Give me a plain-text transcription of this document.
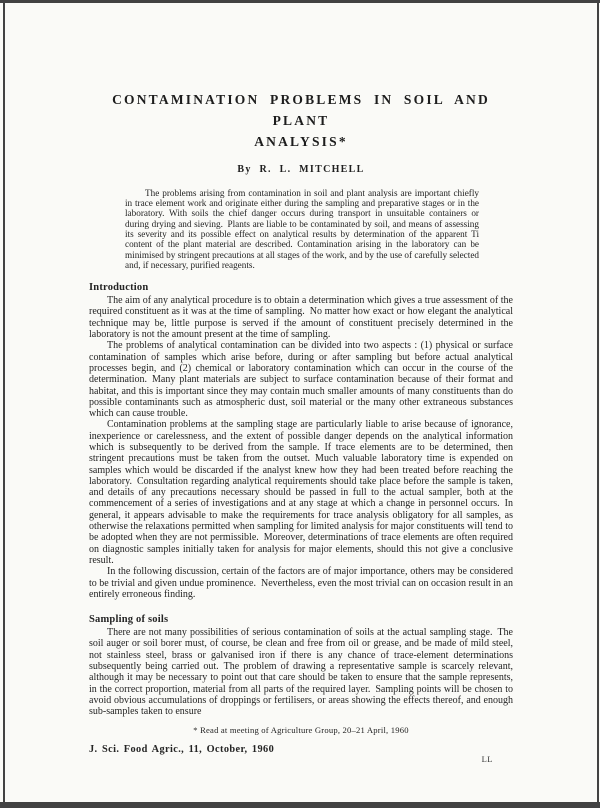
CONTAMINATION PROBLEMS IN SOIL AND PLANT
ANALYSIS*
By R. L. MITCHELL

The problems arising from contamination in soil and plant analysis are important chiefly in trace element work and originate either during the sampling and preparative stages or in the laboratory. With soils the chief danger occurs during transport in unsuitable containers or during drying and sieving. Plants are liable to be contaminated by soil, and means of assessing its severity and its possible effect on analytical results by determination of the apparent Ti content of the plant material are described. Contamination arising in the laboratory can be minimised by stringent precautions at all stages of the work, and by the use of carefully selected and, if necessary, purified reagents.

Introduction

The aim of any analytical procedure is to obtain a determination which gives a true assessment of the required constituent as it was at the time of sampling. No matter how exact or how elegant the analytical technique may be, little purpose is served if the amount of constituent precisely determined in the laboratory is not the amount present at the time of sampling.

The problems of analytical contamination can be divided into two aspects : (1) physical or surface contamination of samples which arise before, during or after sampling but before actual analytical processes begin, and (2) chemical or laboratory contamination which can occur in the course of the determination. Many plant materials are subject to surface contamination because of their format and habitat, and this is important since they may contain much smaller amounts of many constituents than do possible contaminants such as atmospheric dust, soil material or the many other extraneous substances which can cause trouble.

Contamination problems at the sampling stage are particularly liable to arise because of ignorance, inexperience or carelessness, and the extent of possible danger depends on the analytical information which is subsequently to be derived from the sample. If trace elements are to be determined, then stringent precautions must be taken from the outset. Much valuable laboratory time is expended on samples which would be discarded if the analyst knew how they had been treated before reaching the laboratory. Consultation regarding analytical requirements should take place before the sample is taken, and details of any precautions necessary should be passed in full to the actual sampler, both at the commencement of a series of investigations and at any stage at which a change in personnel occurs. In general, it appears advisable to make the requirements for trace analysis obligatory for all samples, as otherwise the relaxations permitted when sampling for limited analysis for major constituents will tend to be adopted when they are not permissible. Moreover, determinations of trace elements are often required on diagnostic samples initially taken for analysis for major elements, should this not give a conclusive result.

In the following discussion, certain of the factors are of major importance, others may be considered to be trivial and given undue prominence. Nevertheless, even the most trivial can on occasion result in an entirely erroneous finding.

Sampling of soils

There are not many possibilities of serious contamination of soils at the actual sampling stage. The soil auger or soil borer must, of course, be clean and free from oil or grease, and be made of mild steel, not stainless steel, brass or galvanised iron if there is any chance of trace-element determinations subsequently being carried out. The problem of drawing a representative sample is scarcely relevant, although it may be necessary to point out that care should be taken to ensure that the sample represents, in the correct proportion, material from all parts of the required layer. Sampling points will be chosen to avoid obvious accumulations of droppings or fertilisers, or areas showing the effects thereof, and enough sub-samples taken to ensure

* Read at meeting of Agriculture Group, 20–21 April, 1960
J. Sci. Food Agric., 11, October, 1960
LL
